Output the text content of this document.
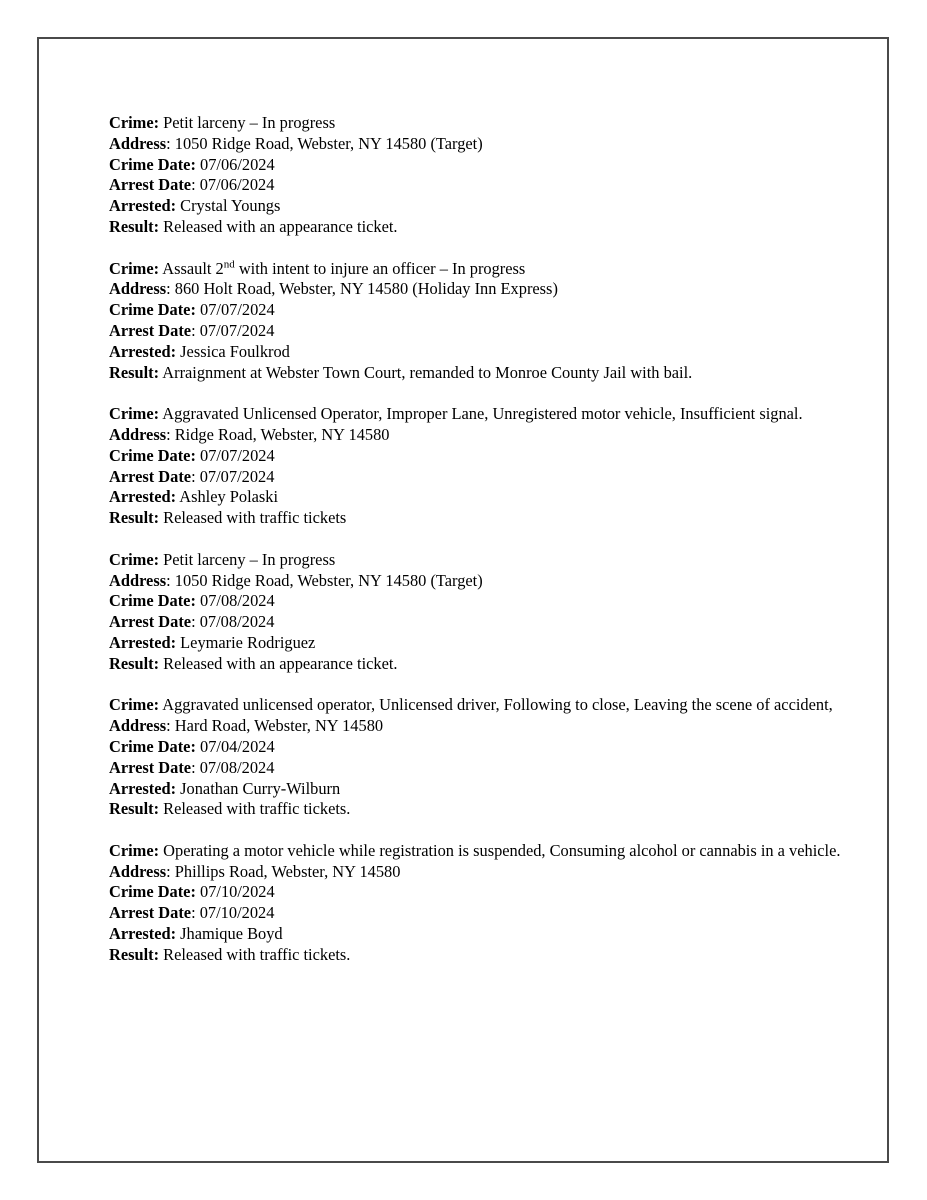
Crime: Petit larceny – In progress
Address: 1050 Ridge Road, Webster, NY 14580 (Target)
Crime Date: 07/06/2024
Arrest Date: 07/06/2024
Arrested: Crystal Youngs
Result: Released with an appearance ticket.
Crime: Assault 2nd with intent to injure an officer – In progress
Address: 860 Holt Road, Webster, NY 14580 (Holiday Inn Express)
Crime Date: 07/07/2024
Arrest Date: 07/07/2024
Arrested: Jessica Foulkrod
Result: Arraignment at Webster Town Court, remanded to Monroe County Jail with bail.
Crime: Aggravated Unlicensed Operator, Improper Lane, Unregistered motor vehicle, Insufficient signal.
Address: Ridge Road, Webster, NY 14580
Crime Date: 07/07/2024
Arrest Date: 07/07/2024
Arrested: Ashley Polaski
Result: Released with traffic tickets
Crime: Petit larceny – In progress
Address: 1050 Ridge Road, Webster, NY 14580 (Target)
Crime Date: 07/08/2024
Arrest Date: 07/08/2024
Arrested: Leymarie Rodriguez
Result: Released with an appearance ticket.
Crime: Aggravated unlicensed operator, Unlicensed driver, Following to close, Leaving the scene of accident,
Address: Hard Road, Webster, NY 14580
Crime Date: 07/04/2024
Arrest Date: 07/08/2024
Arrested: Jonathan Curry-Wilburn
Result: Released with traffic tickets.
Crime: Operating a motor vehicle while registration is suspended, Consuming alcohol or cannabis in a vehicle.
Address: Phillips Road, Webster, NY 14580
Crime Date: 07/10/2024
Arrest Date: 07/10/2024
Arrested: Jhamique Boyd
Result: Released with traffic tickets.
